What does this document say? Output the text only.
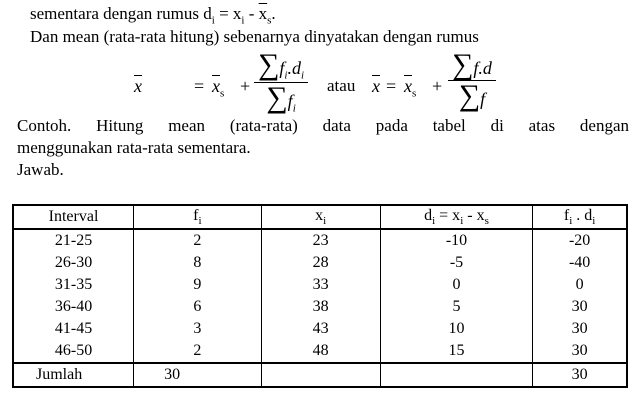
sementara dengan rumus $d_i = x_i - \overline{x}_s$.
Dan mean (rata-rata hitung) sebenarnya dinyatakan dengan rumus
$\overline{x}$	= $\overline{x}_s + \frac{\sum f_i.d_i}{\sum f_i}$ atau $\overline{x} = \overline{x}_s + \frac{\sum f.d}{\sum f}$
Contoh. Hitung mean (rata-rata) data pada tabel di atas dengan
menggunakan rata-rata sementara.
Jawab.
Interval	$f_i$	$x_i$	$d_i = x_i - x_s$	$f_i$ . $d_i$
21-25	2	23	-10	-20
26-30	8	28	-5	-40
31-35	9	33	0	0
36-40	6	38	5	30
41-45	3	43	10	30
46-50	2	48	15	30
Jumlah	30			30
